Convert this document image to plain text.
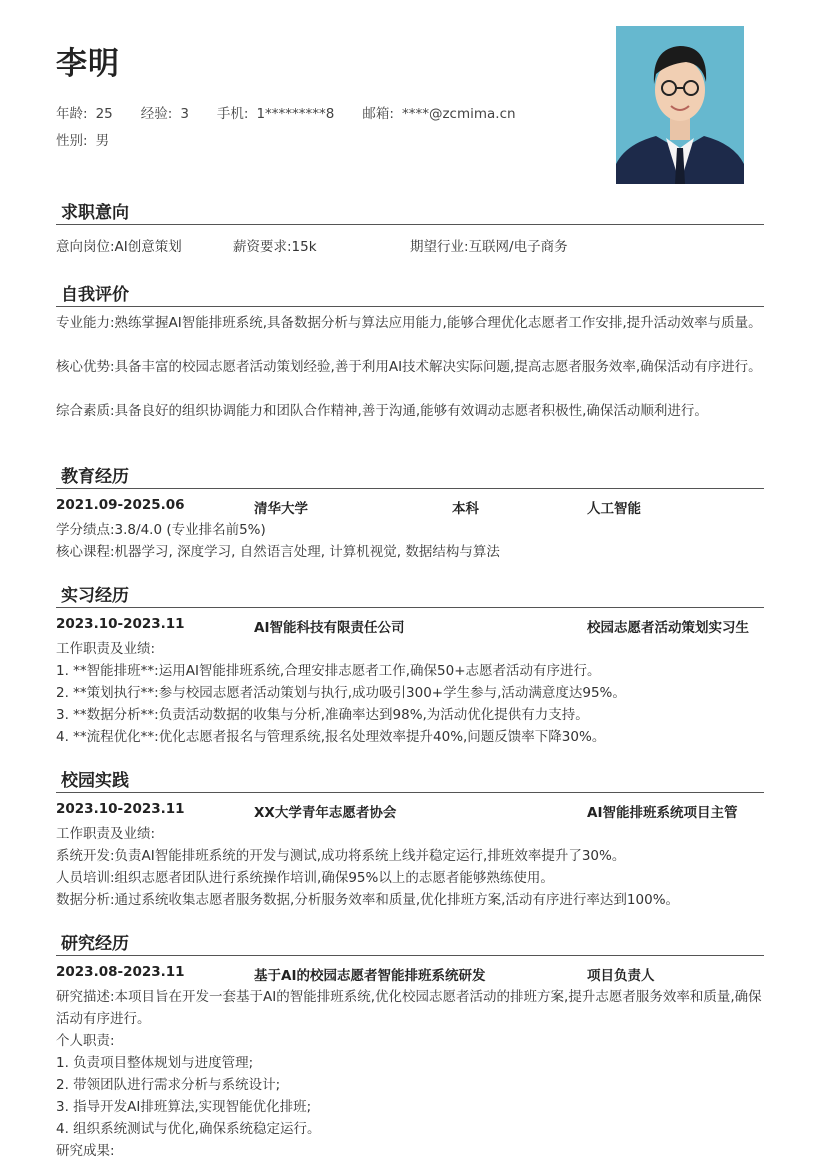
李明
年龄: 25 经验: 3 手机: 1*********8 邮箱: ****@zcmima.cn
性别: 男
求职意向
意向岗位:AI创意策划	薪资要求:15k	期望行业:互联网/电子商务
自我评价
专业能力:熟练掌握AI智能排班系统,具备数据分析与算法应用能力,能够合理优化志愿者工作安排,提升活动效率与质量。
核心优势:具备丰富的校园志愿者活动策划经验,善于利用AI技术解决实际问题,提高志愿者服务效率,确保活动有序进行。
综合素质:具备良好的组织协调能力和团队合作精神,善于沟通,能够有效调动志愿者积极性,确保活动顺利进行。
教育经历
2021.09-2025.06	清华大学	本科	人工智能
学分绩点:3.8/4.0 (专业排名前5%)
核心课程:机器学习, 深度学习, 自然语言处理, 计算机视觉, 数据结构与算法
实习经历
2023.10-2023.11	AI智能科技有限责任公司	校园志愿者活动策划实习生
工作职责及业绩:
1. **智能排班**:运用AI智能排班系统,合理安排志愿者工作,确保50+志愿者活动有序进行。
2. **策划执行**:参与校园志愿者活动策划与执行,成功吸引300+学生参与,活动满意度达95%。
3. **数据分析**:负责活动数据的收集与分析,准确率达到98%,为活动优化提供有力支持。
4. **流程优化**:优化志愿者报名与管理系统,报名处理效率提升40%,问题反馈率下降30%。
校园实践
2023.10-2023.11	XX大学青年志愿者协会	AI智能排班系统项目主管
工作职责及业绩:
系统开发:负责AI智能排班系统的开发与测试,成功将系统上线并稳定运行,排班效率提升了30%。
人员培训:组织志愿者团队进行系统操作培训,确保95%以上的志愿者能够熟练使用。
数据分析:通过系统收集志愿者服务数据,分析服务效率和质量,优化排班方案,活动有序进行率达到100%。
研究经历
2023.08-2023.11	基于AI的校园志愿者智能排班系统研发	项目负责人
研究描述:本项目旨在开发一套基于AI的智能排班系统,优化校园志愿者活动的排班方案,提升志愿者服务效率和质量,确保活动有序进行。
个人职责:
1. 负责项目整体规划与进度管理;
2. 带领团队进行需求分析与系统设计;
3. 指导开发AI排班算法,实现智能优化排班;
4. 组织系统测试与优化,确保系统稳定运行。
研究成果:
